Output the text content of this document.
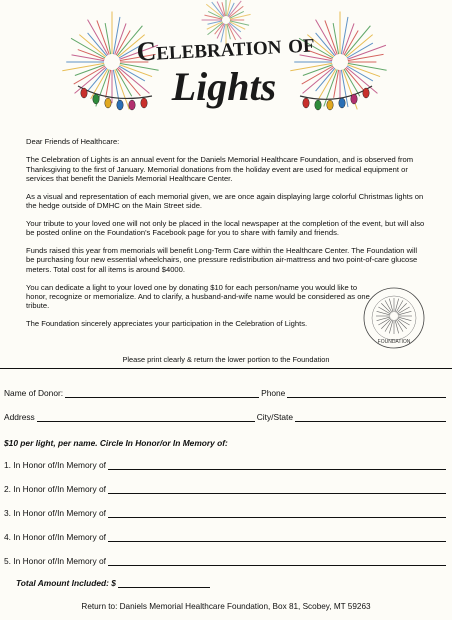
Celebration of
Lights

Dear Friends of Healthcare:

The Celebration of Lights is an annual event for the Daniels Memorial Healthcare Foundation, and is observed from Thanksgiving to the first of January. Memorial donations from the holiday event are used for medical equipment or services that benefit the Daniels Memorial Healthcare Center.

As a visual and representation of each memorial given, we are once again displaying large colorful Christmas lights on the hedge outside of DMHC on the Main Street side.

Your tribute to your loved one will not only be placed in the local newspaper at the completion of the event, but will also be posted online on the Foundation's Facebook page for you to share with family and friends.

Funds raised this year from memorials will benefit Long-Term Care within the Healthcare Center. The Foundation will be purchasing four new essential wheelchairs, one pressure redistribution air-mattress and two point-of-care glucose meters. Total cost for all items is around $4000.

You can dedicate a light to your loved one by donating $10 for each person/name you would like to honor, recognize or memorialize. And to clarify, a husband-and-wife name would be considered as one tribute.

The Foundation sincerely appreciates your participation in the Celebration of Lights.

FOUNDATION
Please print clearly & return the lower portion to the Foundation
Name of Donor:	Phone
Address	City/State
$10 per light, per name. Circle In Honor/or In Memory of:
1. In Honor of/In Memory of
2. In Honor of/In Memory of
3. In Honor of/In Memory of
4. In Honor of/In Memory of
5. In Honor of/In Memory of
Total Amount Included: $
Return to: Daniels Memorial Healthcare Foundation, Box 81, Scobey, MT 59263
